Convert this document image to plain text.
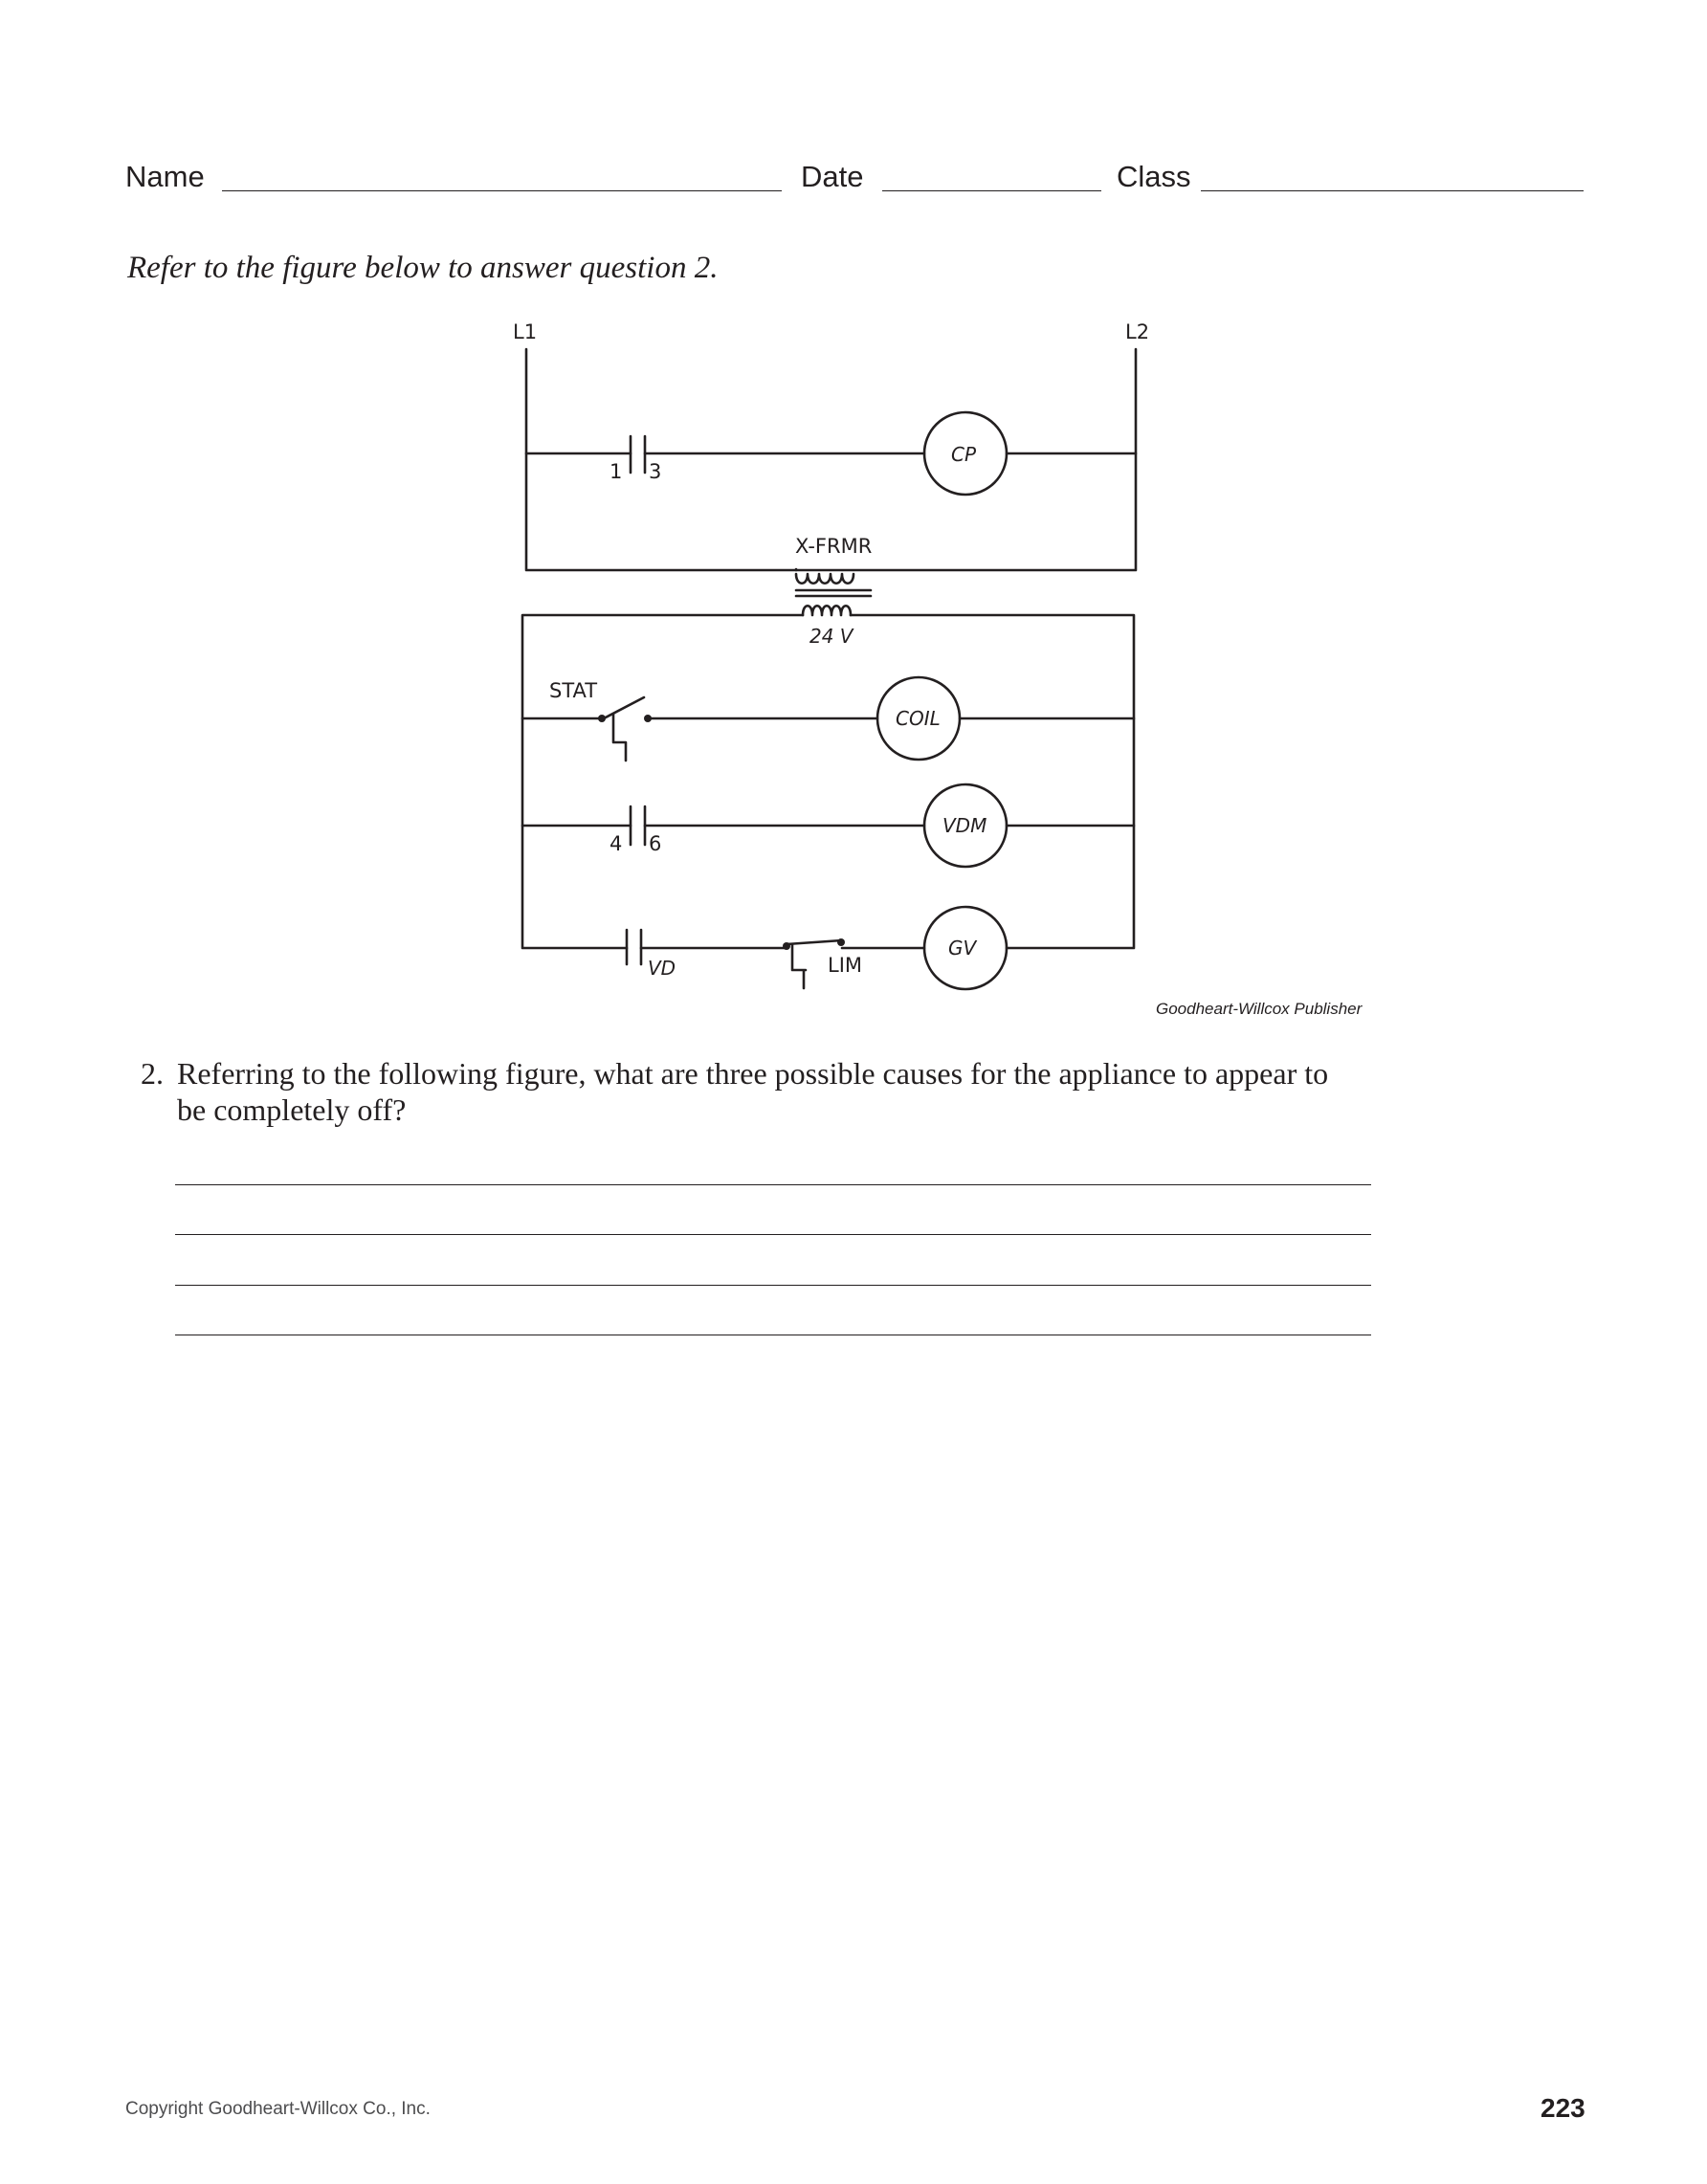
Name	Date	Class
Refer to the figure below to answer question 2.
L1	L2
1 3
CP
X-FRMR
24 V
STAT
COIL
4 6
VDM
VD	LIM
GV
Goodheart-Willcox Publisher
2. Referring to the following figure, what are three possible causes for the appliance to appear to be completely off?
Copyright Goodheart-Willcox Co., Inc.	223
